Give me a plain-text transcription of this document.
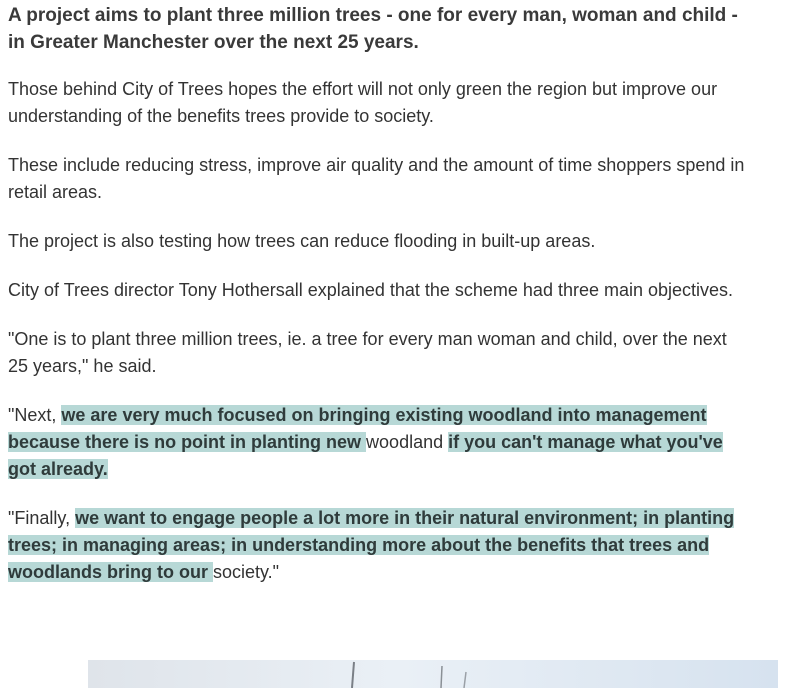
A project aims to plant three million trees - one for every man, woman and child - in Greater Manchester over the next 25 years.

Those behind City of Trees hopes the effort will not only green the region but improve our understanding of the benefits trees provide to society.

These include reducing stress, improve air quality and the amount of time shoppers spend in retail areas.

The project is also testing how trees can reduce flooding in built-up areas.

City of Trees director Tony Hothersall explained that the scheme had three main objectives.

"One is to plant three million trees, ie. a tree for every man woman and child, over the next 25 years," he said.

"Next, we are very much focused on bringing existing woodland into management because there is no point in planting new woodland if you can't manage what you've got already.

"Finally, we want to engage people a lot more in their natural environment; in planting trees; in managing areas; in understanding more about the benefits that trees and woodlands bring to our society."
